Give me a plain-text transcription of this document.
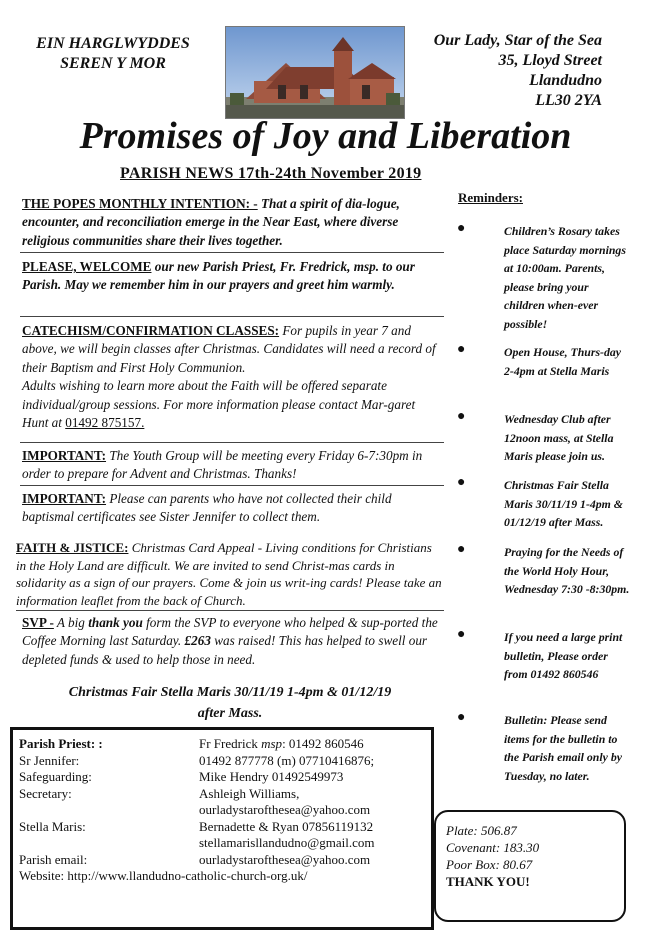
EIN HARGLWYDDES
SEREN Y MOR
Our Lady, Star of the Sea
35, Lloyd Street
Llandudno
LL30 2YA
Promises of Joy and Liberation
PARISH NEWS 17th-24th November 2019

THE POPES MONTHLY INTENTION: - That a spirit of dia-logue, encounter, and reconciliation emerge in the Near East, where diverse religious communities share their lives together.

PLEASE, WELCOME our new Parish Priest, Fr. Fredrick, msp. to our Parish. May we remember him in our prayers and greet him warmly.

CATECHISM/CONFIRMATION CLASSES: For pupils in year 7 and above, we will begin classes after Christmas. Candidates will need a record of their Baptism and First Holy Communion.
Adults wishing to learn more about the Faith will be offered separate individual/group sessions. For more information please contact Mar-garet Hunt at 01492 875157.

IMPORTANT: The Youth Group will be meeting every Friday 6-7:30pm in order to prepare for Advent and Christmas. Thanks!

IMPORTANT: Please can parents who have not collected their child baptismal certificates see Sister Jennifer to collect them.

FAITH & JISTICE: Christmas Card Appeal - Living conditions for Christians in the Holy Land are difficult. We are invited to send Christ-mas cards in solidarity as a sign of our prayers. Come & join us writ-ing cards! Please take an information leaflet from the back of Church.

SVP - A big thank you form the SVP to everyone who helped & sup-ported the Coffee Morning last Saturday. £263 was raised! This has helped to swell our depleted funds & used to help those in need.

Christmas Fair Stella Maris 30/11/19 1-4pm & 01/12/19
after Mass.
Parish Priest: :	Fr Fredrick msp: 01492 860546
Sr Jennifer:	01492 877778 (m) 07710416876;
Safeguarding:	Mike Hendry 01492549973
Secretary:	Ashleigh Williams,
ourladystarofthesea@yahoo.com
Stella Maris:	Bernadette & Ryan 07856119132
stellamarisllandudno@gmail.com
Parish email:	ourladystarofthesea@yahoo.com
Website: http://www.llandudno-catholic-church-org.uk/
Reminders:
●	Children’s Rosary takes place Saturday mornings at 10:00am. Parents, please bring your children when-ever possible!
●	Open House, Thurs-day 2-4pm at Stella Maris
●	Wednesday Club after 12noon mass, at Stella Maris please join us.
●	Christmas Fair Stella Maris 30/11/19 1-4pm & 01/12/19 after Mass.
●	Praying for the Needs of the World Holy Hour, Wednesday 7:30 -8:30pm.
●	If you need a large print bulletin, Please order from 01492 860546
●	Bulletin: Please send items for the bulletin to the Parish email only by Tuesday, no later.
Plate: 506.87
Covenant: 183.30
Poor Box: 80.67
THANK YOU!
